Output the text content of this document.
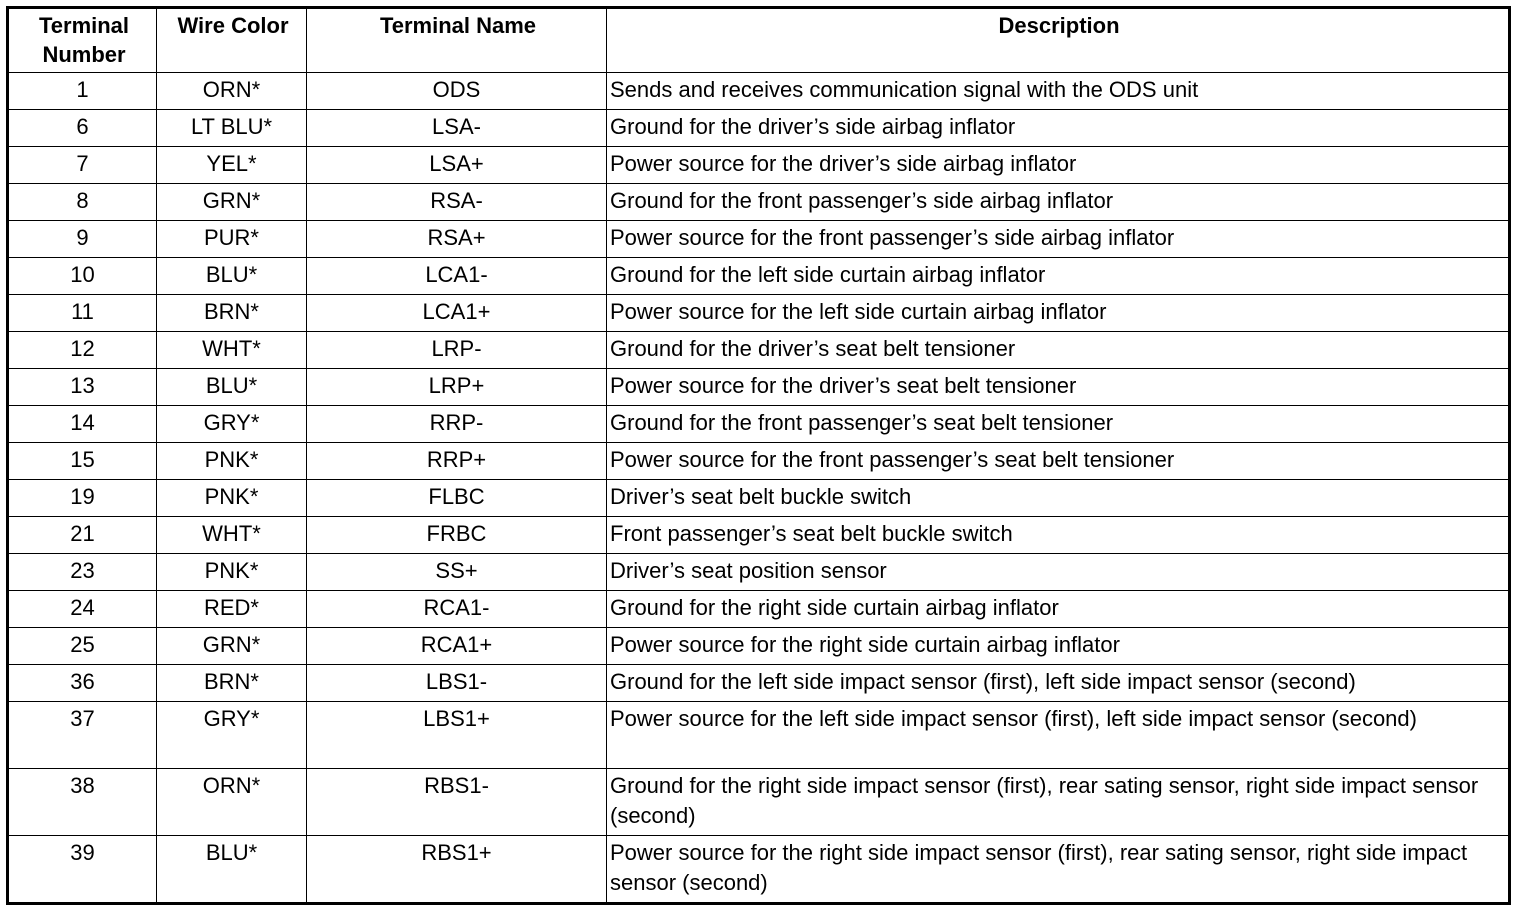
Terminal Number	Wire Color	Terminal Name	Description
1	ORN*	ODS	Sends and receives communication signal with the ODS unit
6	LT BLU*	LSA-	Ground for the driver’s side airbag inflator
7	YEL*	LSA+	Power source for the driver’s side airbag inflator
8	GRN*	RSA-	Ground for the front passenger’s side airbag inflator
9	PUR*	RSA+	Power source for the front passenger’s side airbag inflator
10	BLU*	LCA1-	Ground for the left side curtain airbag inflator
11	BRN*	LCA1+	Power source for the left side curtain airbag inflator
12	WHT*	LRP-	Ground for the driver’s seat belt tensioner
13	BLU*	LRP+	Power source for the driver’s seat belt tensioner
14	GRY*	RRP-	Ground for the front passenger’s seat belt tensioner
15	PNK*	RRP+	Power source for the front passenger’s seat belt tensioner
19	PNK*	FLBC	Driver’s seat belt buckle switch
21	WHT*	FRBC	Front passenger’s seat belt buckle switch
23	PNK*	SS+	Driver’s seat position sensor
24	RED*	RCA1-	Ground for the right side curtain airbag inflator
25	GRN*	RCA1+	Power source for the right side curtain airbag inflator
36	BRN*	LBS1-	Ground for the left side impact sensor (first), left side impact sensor (second)
37	GRY*	LBS1+	Power source for the left side impact sensor (first), left side impact sensor (second)
38	ORN*	RBS1-	Ground for the right side impact sensor (first), rear sating sensor, right side impact sensor (second)
39	BLU*	RBS1+	Power source for the right side impact sensor (first), rear sating sensor, right side impact sensor (second)
